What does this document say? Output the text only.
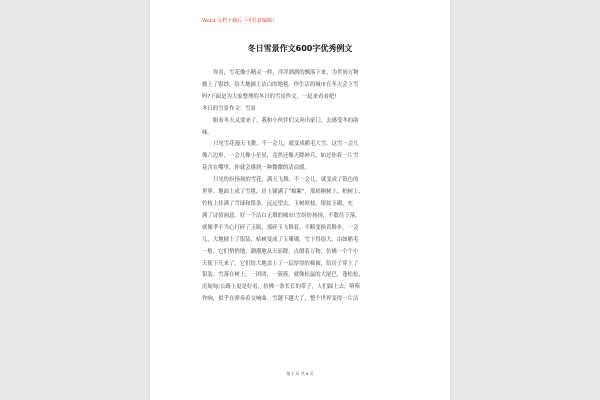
Word 文档下载后（可任意编辑）
冬日雪景作文600字优秀例文
你看，雪花像小精灵一样，洋洋洒洒的飘落下来，为世间万物
披上了银纱，给大地铺上洁白的地毯。你生活的城市在冬天会下雪
吗?下面是为大家整理的冬日的雪景作文，一起来看看吧!
冬日的雪景作文：雪景
眼看冬天又要来了，我和小伙伴们又奔出家门，去感受冬的韵
味。
只见雪花漫天飞舞，不一会儿，就变成鹅毛大雪。这雪一会儿
像六边形，一会儿像小星星，竟然还像天降神兵。如过你将一片雪
花含在嘴里，你就会感到一种微微的清凉感。
只见纷纷扬扬的雪花，满天飞舞。不一会儿，就变成了银色的
世界。地面上成了雪毯，房上铺满了“棉絮”，那梧桐树上、柏树上、
竹枝上挂满了雪球和银条。远远望去，玉树琼枝，银妆玉砌，充
满了诗情画意。好一个洁白无瑕的城市!雪纷纷扬扬，不数往下落，
就像孝不当心打碎了玉瓶，那碎玉飞舞着，不断变换着舞步。一会
儿，大地披上了银装，枯树变成了玉珊瑚，雪下得很大，由如鹅毛
一般。它们悄悄地、潮潮地从天而降，点缀着万物，仿佛一个个小
天使下凡来了。它们给大地盖上了一层厚厚的棉被，给房子穿上了
银装。雪落在树上，一团团，一簇簇，就像松鼠的大尾巴，蓬松松，
沉甸甸;公路上更是好看，仿佛一条长长的带子，人们踩上去，咯咯
作响，似乎在弹奏着交响曲。雪越下越大了，整个世界变得一片洁
第 1 页 共 4 页
